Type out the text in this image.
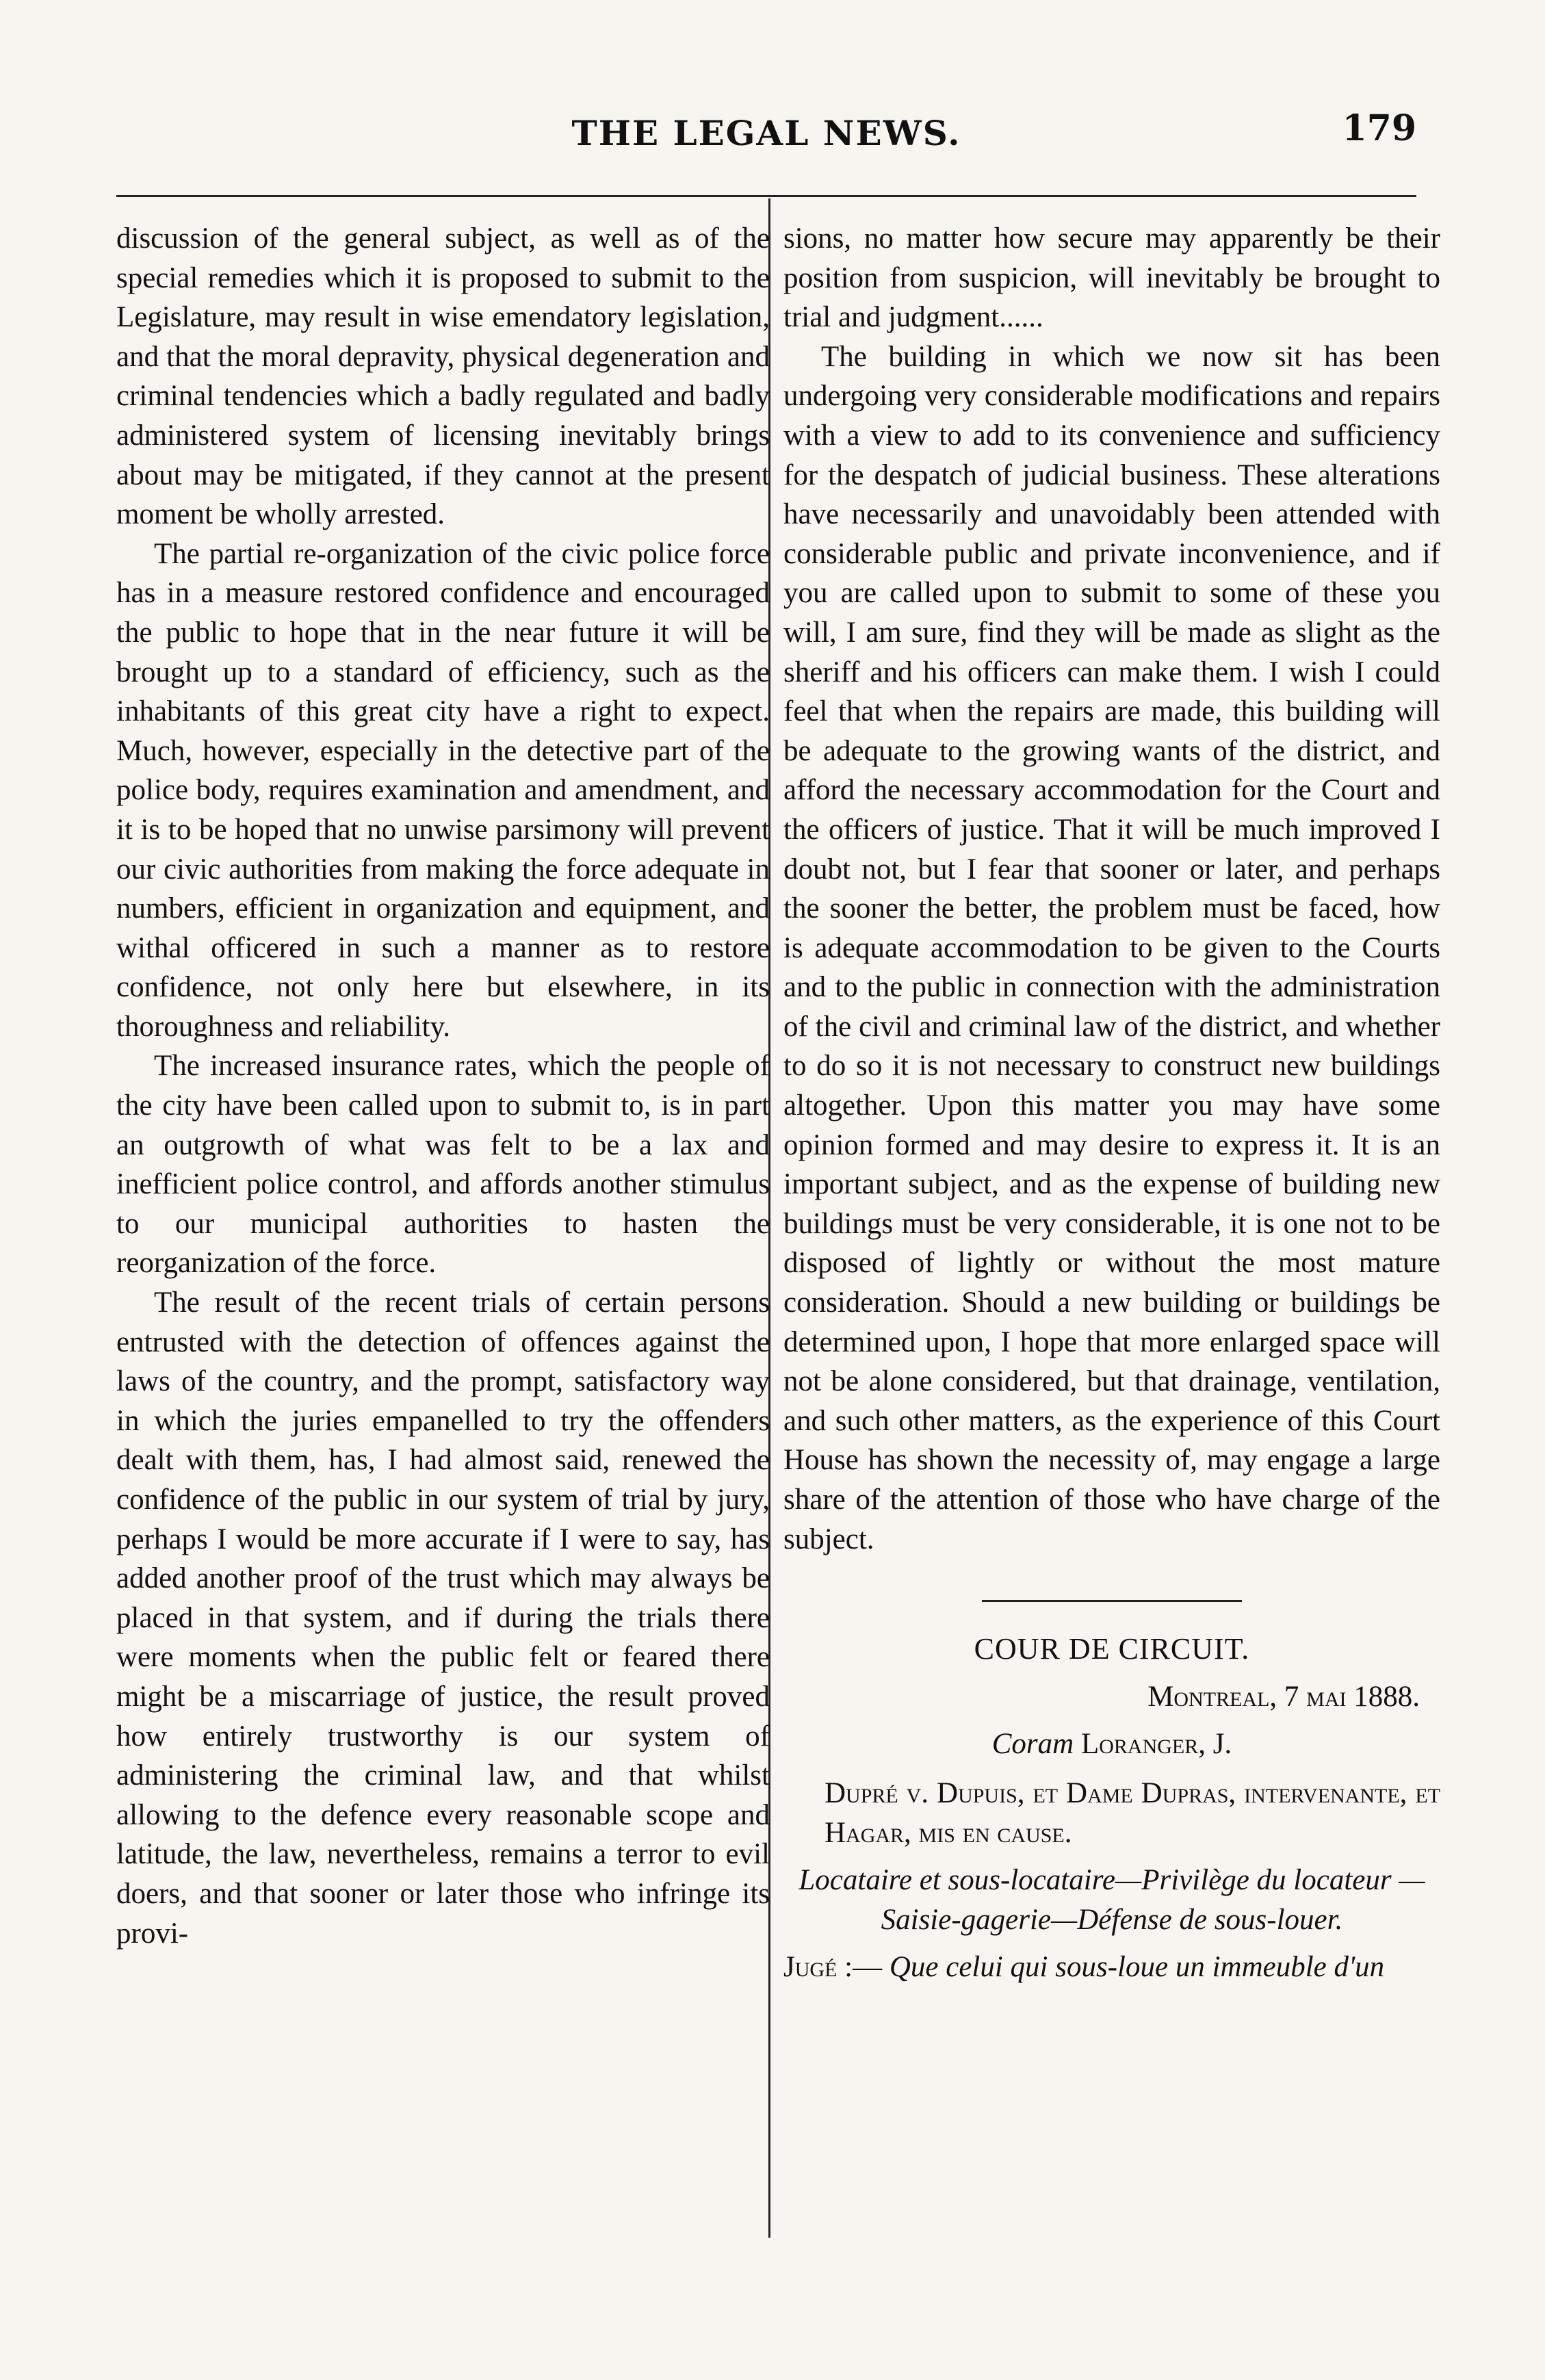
THE LEGAL NEWS.	179

discussion of the general subject, as well as of the special remedies which it is proposed to submit to the Legislature, may result in wise emendatory legislation, and that the moral depravity, physical degeneration and criminal tendencies which a badly regulated and badly administered system of licensing inevitably brings about may be mitigated, if they cannot at the present moment be wholly arrested.

The partial re-organization of the civic police force has in a measure restored confidence and encouraged the public to hope that in the near future it will be brought up to a standard of efficiency, such as the inhabitants of this great city have a right to expect. Much, however, especially in the detective part of the police body, requires examination and amendment, and it is to be hoped that no unwise parsimony will prevent our civic authorities from making the force adequate in numbers, efficient in organization and equipment, and withal officered in such a manner as to restore confidence, not only here but elsewhere, in its thoroughness and reliability.

The increased insurance rates, which the people of the city have been called upon to submit to, is in part an outgrowth of what was felt to be a lax and inefficient police control, and affords another stimulus to our municipal authorities to hasten the reorganization of the force.

The result of the recent trials of certain persons entrusted with the detection of offences against the laws of the country, and the prompt, satisfactory way in which the juries empanelled to try the offenders dealt with them, has, I had almost said, renewed the confidence of the public in our system of trial by jury, perhaps I would be more accurate if I were to say, has added another proof of the trust which may always be placed in that system, and if during the trials there were moments when the public felt or feared there might be a miscarriage of justice, the result proved how entirely trustworthy is our system of administering the criminal law, and that whilst allowing to the defence every reasonable scope and latitude, the law, nevertheless, remains a terror to evil doers, and that sooner or later those who infringe its provi-

sions, no matter how secure may apparently be their position from suspicion, will inevitably be brought to trial and judgment......

The building in which we now sit has been undergoing very considerable modifications and repairs with a view to add to its convenience and sufficiency for the despatch of judicial business. These alterations have necessarily and unavoidably been attended with considerable public and private inconvenience, and if you are called upon to submit to some of these you will, I am sure, find they will be made as slight as the sheriff and his officers can make them. I wish I could feel that when the repairs are made, this building will be adequate to the growing wants of the district, and afford the necessary accommodation for the Court and the officers of justice. That it will be much improved I doubt not, but I fear that sooner or later, and perhaps the sooner the better, the problem must be faced, how is adequate accommodation to be given to the Courts and to the public in connection with the administration of the civil and criminal law of the district, and whether to do so it is not necessary to construct new buildings altogether. Upon this matter you may have some opinion formed and may desire to express it. It is an important subject, and as the expense of building new buildings must be very considerable, it is one not to be disposed of lightly or without the most mature consideration. Should a new building or buildings be determined upon, I hope that more enlarged space will not be alone considered, but that drainage, ventilation, and such other matters, as the experience of this Court House has shown the necessity of, may engage a large share of the attention of those who have charge of the subject.

COUR DE CIRCUIT.
Montreal, 7 mai 1888.
Coram Loranger, J.

Dupré v. Dupuis, et Dame Dupras, intervenante, et Hagar, mis en cause.

Locataire et sous-locataire—Privilège du locateur —Saisie-gagerie—Défense de sous-louer.

Jugé :— Que celui qui sous-loue un immeuble d'un
